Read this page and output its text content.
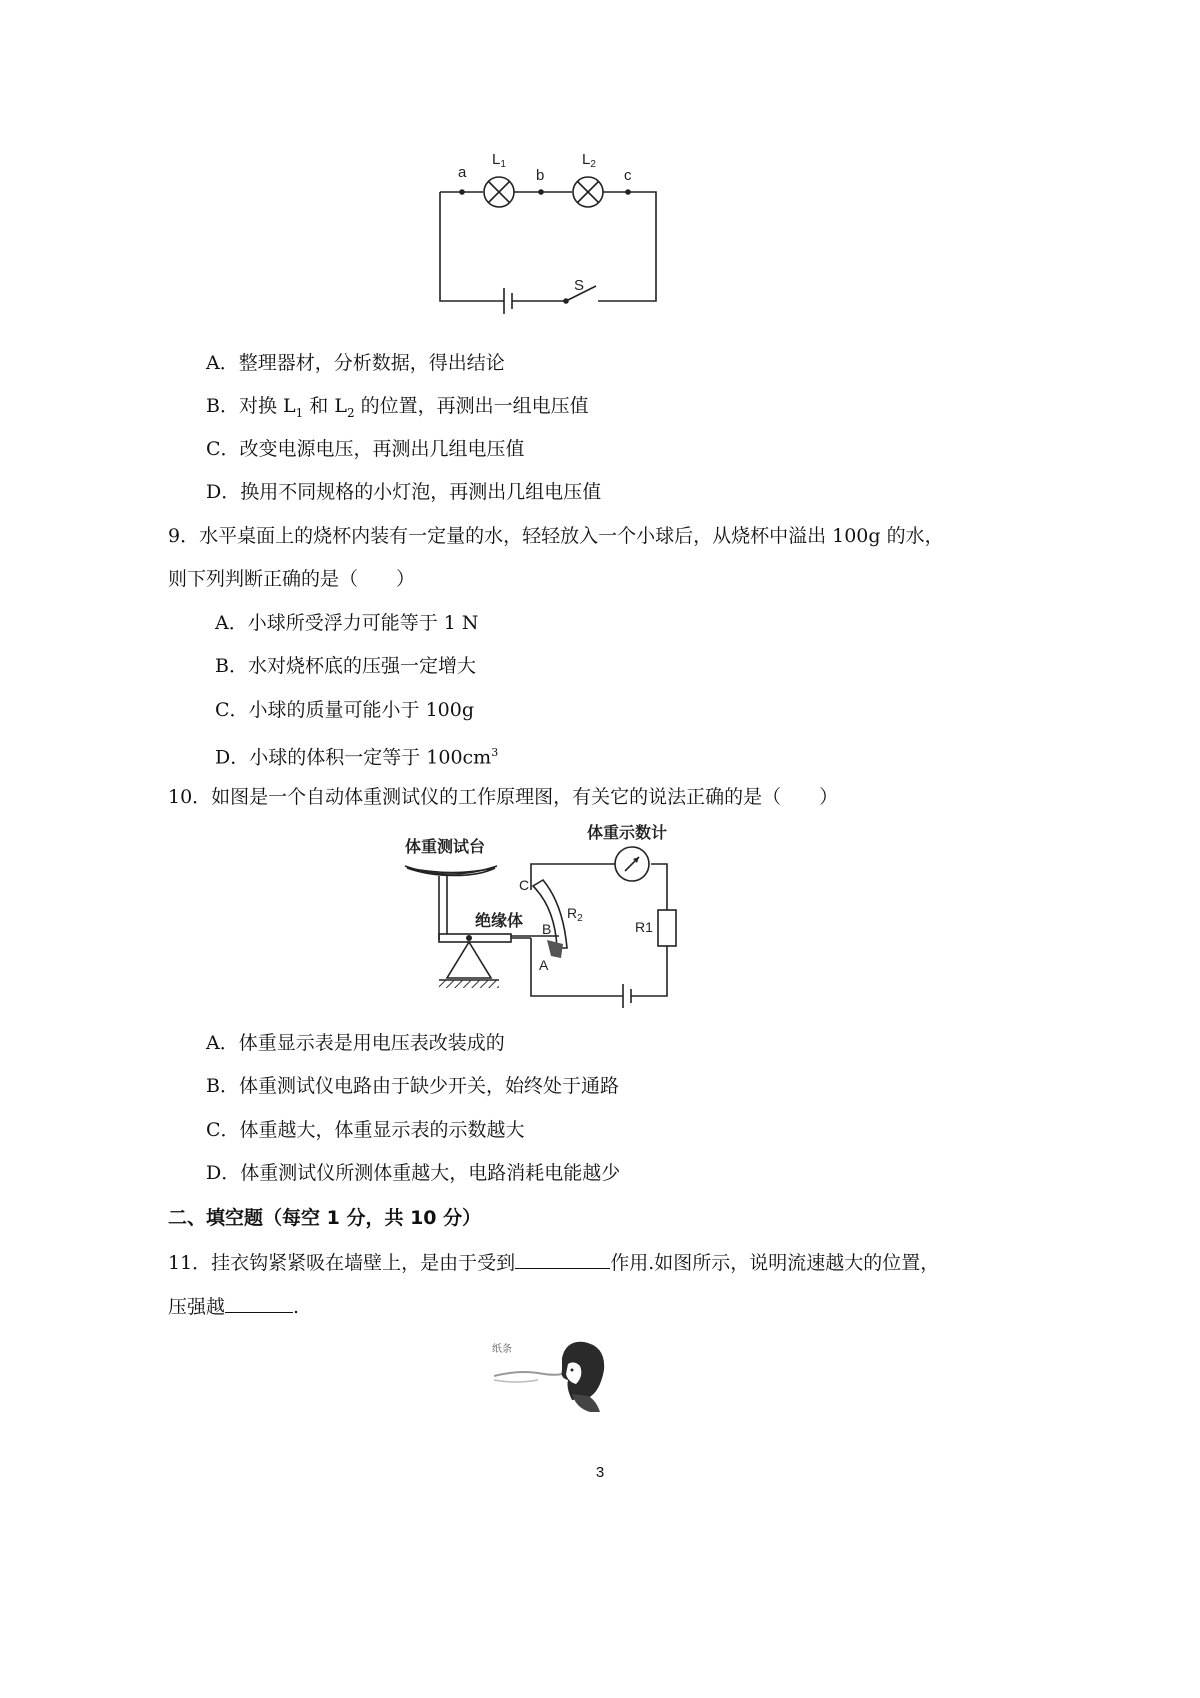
a	b	c
$L_1$	$L_2$
S
A．整理器材，分析数据，得出结论
B．对换 $L_1$ 和 $L_2$ 的位置，再测出一组电压值
C．改变电源电压，再测出几组电压值
D．换用不同规格的小灯泡，再测出几组电压值
9．水平桌面上的烧杯内装有一定量的水，轻轻放入一个小球后，从烧杯中溢出 100g 的水，
则下列判断正确的是（　　）
A．小球所受浮力可能等于 1 N
B．水对烧杯底的压强一定增大
C．小球的质量可能小于 100g
D．小球的体积一定等于 $100cm^3$
10．如图是一个自动体重测试仪的工作原理图，有关它的说法正确的是（　　）
体重测试台
体重示数计
绝缘体
C
B
A
$R_2$
R1
A．体重显示表是用电压表改装成的
B．体重测试仪电路由于缺少开关，始终处于通路
C．体重越大，体重显示表的示数越大
D．体重测试仪所测体重越大，电路消耗电能越少
二、填空题（每空 1 分，共 10 分）
11．挂衣钩紧紧吸在墙壁上，是由于受到	作用.如图所示，说明流速越大的位置，
压强越	.
纸条
3
